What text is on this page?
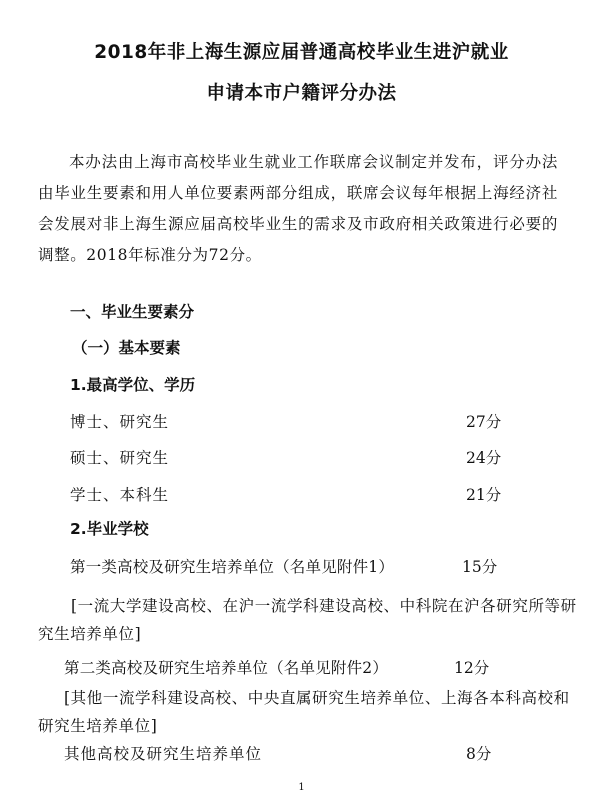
2018年非上海生源应届普通高校毕业生进沪就业
申请本市户籍评分办法
本办法由上海市高校毕业生就业工作联席会议制定并发布，评分办法由毕业生要素和用人单位要素两部分组成，联席会议每年根据上海经济社会发展对非上海生源应届高校毕业生的需求及市政府相关政策进行必要的调整。2018年标准分为72分。
一、毕业生要素分
（一）基本要素
1.最高学位、学历
博士、研究生	27分
硕士、研究生	24分
学士、本科生	21分
2.毕业学校
第一类高校及研究生培养单位（名单见附件1）	15分
[一流大学建设高校、在沪一流学科建设高校、中科院在沪各研究所等研究生培养单位]
第二类高校及研究生培养单位（名单见附件2）	12分
[其他一流学科建设高校、中央直属研究生培养单位、上海各本科高校和研究生培养单位]
其他高校及研究生培养单位	8分
1
